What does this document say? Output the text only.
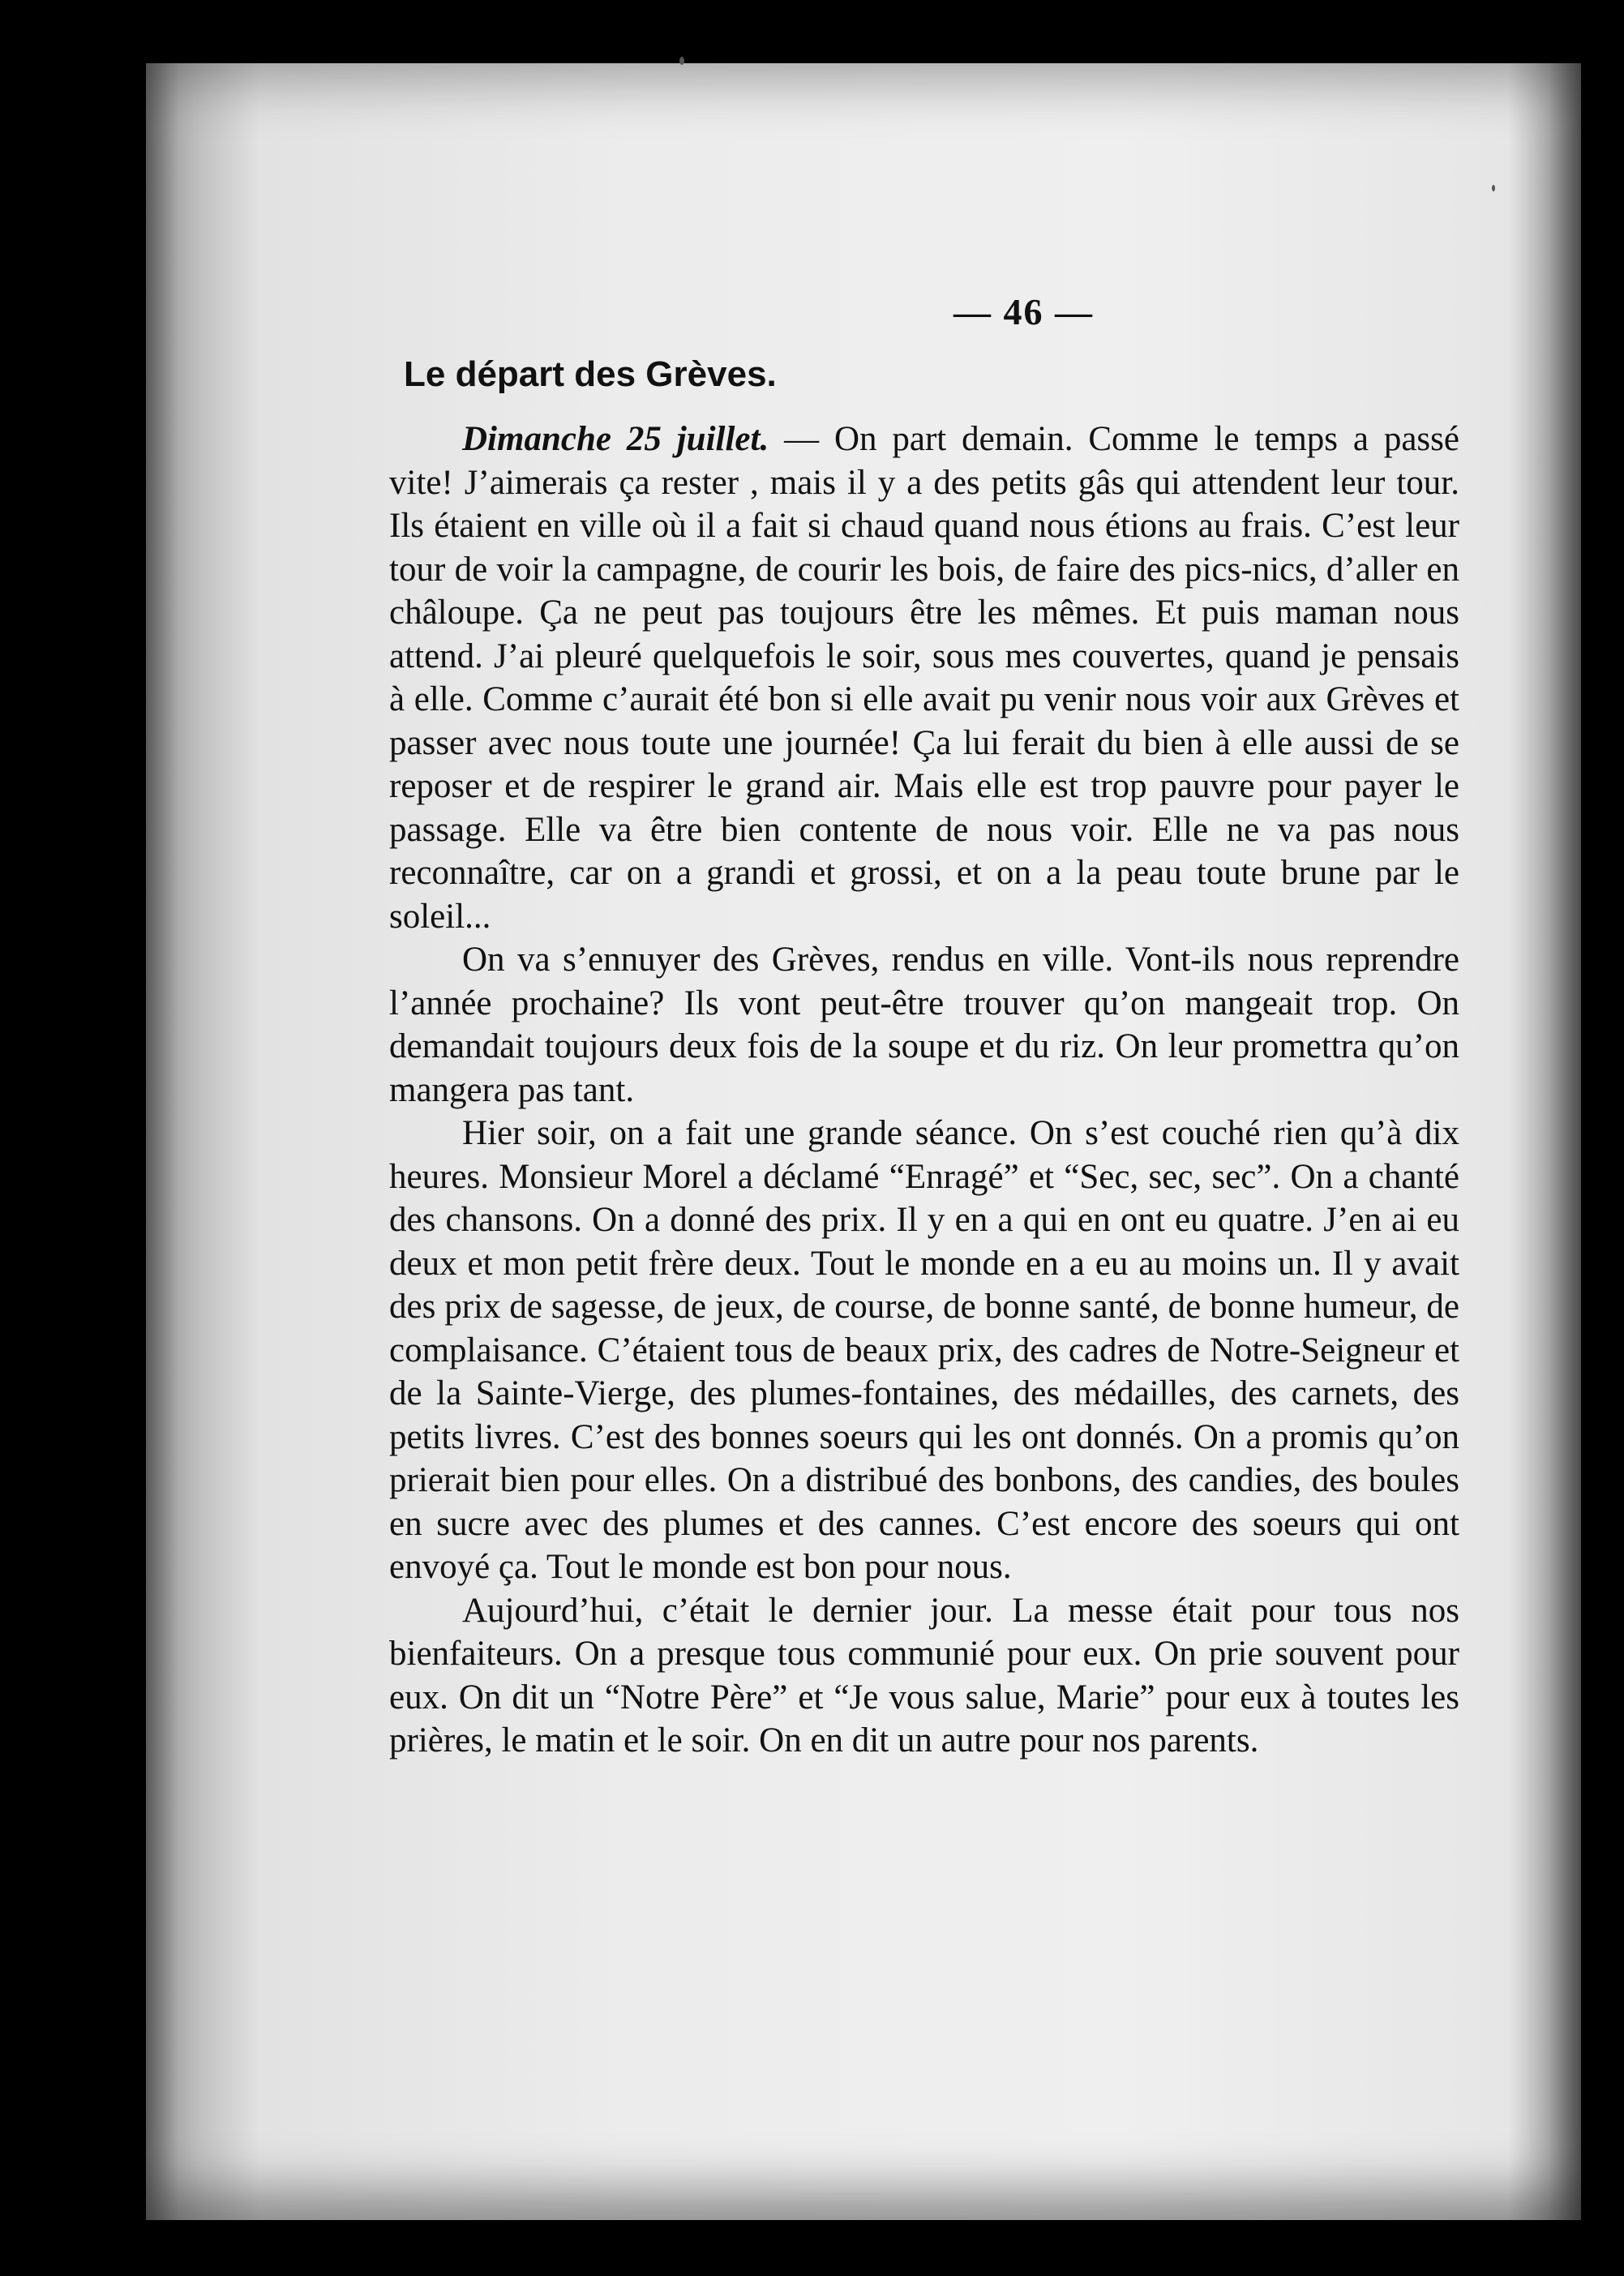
— 46 —
Le départ des Grèves.

Dimanche 25 juillet. — On part demain. Comme le temps a passé vite! J’aimerais ça rester , mais il y a des petits gâs qui attendent leur tour. Ils étaient en ville où il a fait si chaud quand nous étions au frais. C’est leur tour de voir la campagne, de courir les bois, de faire des pics-nics, d’aller en châloupe. Ça ne peut pas toujours être les mêmes. Et puis maman nous attend. J’ai pleuré quelquefois le soir, sous mes couvertes, quand je pensais à elle. Comme c’aurait été bon si elle avait pu venir nous voir aux Grèves et passer avec nous toute une journée! Ça lui ferait du bien à elle aussi de se reposer et de respirer le grand air. Mais elle est trop pauvre pour payer le passage. Elle va être bien contente de nous voir. Elle ne va pas nous reconnaître, car on a grandi et grossi, et on a la peau toute brune par le soleil...

On va s’ennuyer des Grèves, rendus en ville. Vont-ils nous reprendre l’année prochaine? Ils vont peut-être trouver qu’on mangeait trop. On demandait toujours deux fois de la soupe et du riz. On leur promettra qu’on mangera pas tant.

Hier soir, on a fait une grande séance. On s’est couché rien qu’à dix heures. Monsieur Morel a déclamé “Enragé” et “Sec, sec, sec”. On a chanté des chansons. On a donné des prix. Il y en a qui en ont eu quatre. J’en ai eu deux et mon petit frère deux. Tout le monde en a eu au moins un. Il y avait des prix de sagesse, de jeux, de course, de bonne santé, de bonne humeur, de complaisance. C’étaient tous de beaux prix, des cadres de Notre-Seigneur et de la Sainte-Vierge, des plumes-fontaines, des médailles, des carnets, des petits livres. C’est des bonnes soeurs qui les ont donnés. On a promis qu’on prierait bien pour elles. On a distribué des bonbons, des candies, des boules en sucre avec des plumes et des cannes. C’est encore des soeurs qui ont envoyé ça. Tout le monde est bon pour nous.

Aujourd’hui, c’était le dernier jour. La messe était pour tous nos bienfaiteurs. On a presque tous communié pour eux. On prie souvent pour eux. On dit un “Notre Père” et “Je vous salue, Marie” pour eux à toutes les prières, le matin et le soir. On en dit un autre pour nos parents.
